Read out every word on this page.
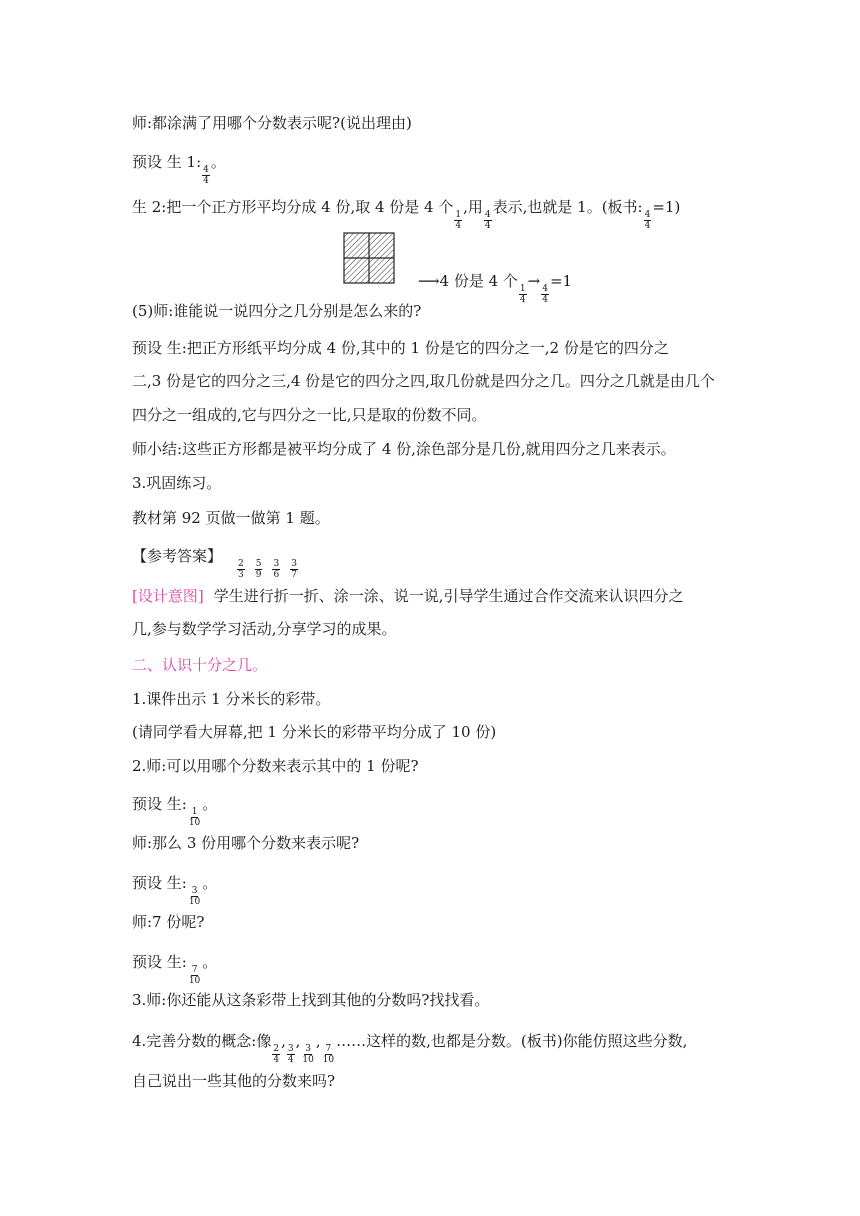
师:都涂满了用哪个分数表示呢?(说出理由)
预设 生 1:
$\frac{4}{4}$
。
生 2:把一个正方形平均分成 4 份,取 4 份是 4 个
$\frac{1}{4}$
,用
$\frac{4}{4}$
表示,也就是 1。(板书:
$\frac{4}{4}$
=1)
⟶4 份是 4 个
$\frac{1}{4}$
→
$\frac{4}{4}$
=1
(5)师:谁能说一说四分之几分别是怎么来的?
预设 生:把正方形纸平均分成 4 份,其中的 1 份是它的四分之一,2 份是它的四分之
二,3 份是它的四分之三,4 份是它的四分之四,取几份就是四分之几。四分之几就是由几个
四分之一组成的,它与四分之一比,只是取的份数不同。
师小结:这些正方形都是被平均分成了 4 份,涂色部分是几份,就用四分之几来表示。
3.巩固练习。
教材第 92 页做一做第 1 题。
【参考答案】
$\frac{2}{3} \frac{5}{9} \frac{3}{6} \frac{3}{7}$
[设计意图] 学生进行折一折、涂一涂、说一说,引导学生通过合作交流来认识四分之
几,参与数学学习活动,分享学习的成果。
二、认识十分之几。
1.课件出示 1 分米长的彩带。
(请同学看大屏幕,把 1 分米长的彩带平均分成了 10 份)
2.师:可以用哪个分数来表示其中的 1 份呢?
预设 生:
$\frac{1}{10}$
。
师:那么 3 份用哪个分数来表示呢?
预设 生:
$\frac{3}{10}$
。
师:7 份呢?
预设 生:
$\frac{7}{10}$
。
3.师:你还能从这条彩带上找到其他的分数吗?找找看。
4.完善分数的概念:像
$\frac{2}{4}$
,
$\frac{3}{4}$
,
$\frac{3}{10}$
,
$\frac{7}{10}$
……这样的数,也都是分数。(板书)你能仿照这些分数,
自己说出一些其他的分数来吗?
